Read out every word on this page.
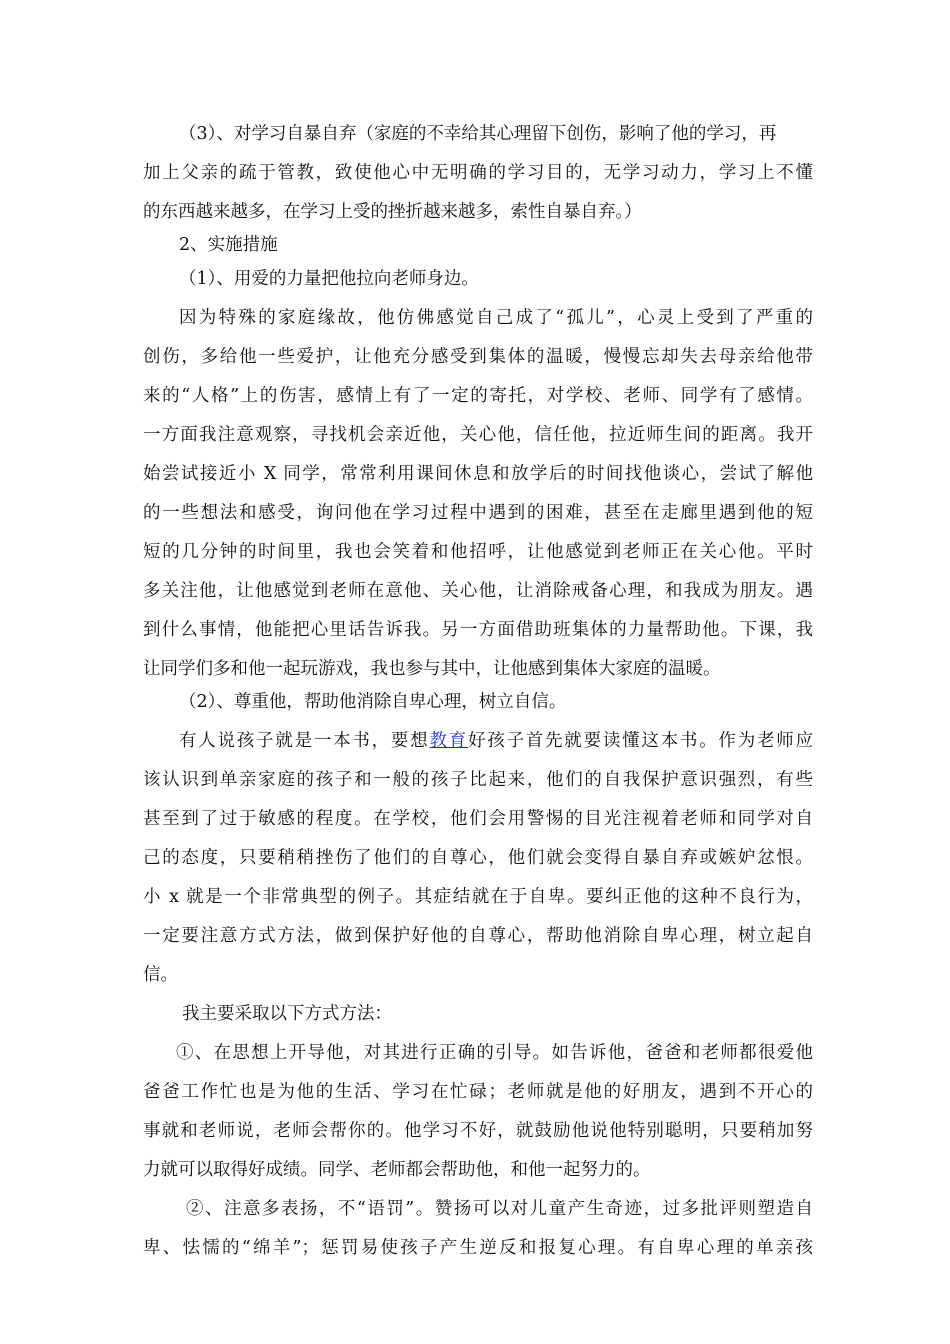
（3）、对学习自暴自弃（家庭的不幸给其心理留下创伤，影响了他的学习，再
加上父亲的疏于管教，致使他心中无明确的学习目的，无学习动力，学习上不懂
的东西越来越多，在学习上受的挫折越来越多，索性自暴自弃。）
2、实施措施
（1）、用爱的力量把他拉向老师身边。
因为特殊的家庭缘故，他仿佛感觉自己成了“孤儿”，心灵上受到了严重的
创伤，多给他一些爱护，让他充分感受到集体的温暖，慢慢忘却失去母亲给他带
来的“人格”上的伤害，感情上有了一定的寄托，对学校、老师、同学有了感情。
一方面我注意观察，寻找机会亲近他，关心他，信任他，拉近师生间的距离。我开
始尝试接近小 X 同学，常常利用课间休息和放学后的时间找他谈心，尝试了解他
的一些想法和感受，询问他在学习过程中遇到的困难，甚至在走廊里遇到他的短
短的几分钟的时间里，我也会笑着和他招呼，让他感觉到老师正在关心他。平时
多关注他，让他感觉到老师在意他、关心他，让消除戒备心理，和我成为朋友。遇
到什么事情，他能把心里话告诉我。另一方面借助班集体的力量帮助他。下课，我
让同学们多和他一起玩游戏，我也参与其中，让他感到集体大家庭的温暖。
（2）、尊重他，帮助他消除自卑心理，树立自信。
有人说孩子就是一本书，要想教育好孩子首先就要读懂这本书。作为老师应
该认识到单亲家庭的孩子和一般的孩子比起来，他们的自我保护意识强烈，有些
甚至到了过于敏感的程度。在学校，他们会用警惕的目光注视着老师和同学对自
己的态度，只要稍稍挫伤了他们的自尊心，他们就会变得自暴自弃或嫉妒忿恨。
小 x 就是一个非常典型的例子。其症结就在于自卑。要纠正他的这种不良行为，
一定要注意方式方法，做到保护好他的自尊心，帮助他消除自卑心理，树立起自
信。
我主要采取以下方式方法：
①、在思想上开导他，对其进行正确的引导。如告诉他，爸爸和老师都很爱他
爸爸工作忙也是为他的生活、学习在忙碌；老师就是他的好朋友，遇到不开心的
事就和老师说，老师会帮你的。他学习不好，就鼓励他说他特别聪明，只要稍加努
力就可以取得好成绩。同学、老师都会帮助他，和他一起努力的。
②、注意多表扬，不“语罚”。赞扬可以对儿童产生奇迹，过多批评则塑造自
卑、怯懦的“绵羊”；惩罚易使孩子产生逆反和报复心理。有自卑心理的单亲孩
